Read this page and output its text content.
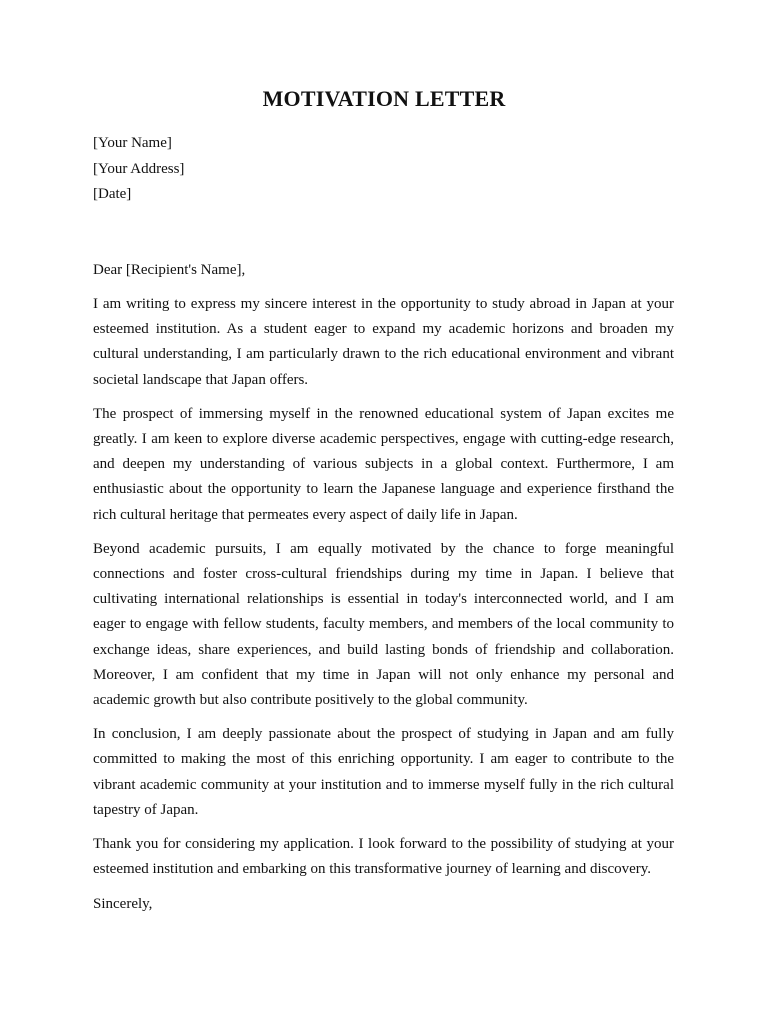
MOTIVATION LETTER

[Your Name]

[Your Address]

[Date]

Dear [Recipient's Name],

I am writing to express my sincere interest in the opportunity to study abroad in Japan at your esteemed institution. As a student eager to expand my academic horizons and broaden my cultural understanding, I am particularly drawn to the rich educational environment and vibrant societal landscape that Japan offers.

The prospect of immersing myself in the renowned educational system of Japan excites me greatly. I am keen to explore diverse academic perspectives, engage with cutting-edge research, and deepen my understanding of various subjects in a global context. Furthermore, I am enthusiastic about the opportunity to learn the Japanese language and experience firsthand the rich cultural heritage that permeates every aspect of daily life in Japan.

Beyond academic pursuits, I am equally motivated by the chance to forge meaningful connections and foster cross-cultural friendships during my time in Japan. I believe that cultivating international relationships is essential in today's interconnected world, and I am eager to engage with fellow students, faculty members, and members of the local community to exchange ideas, share experiences, and build lasting bonds of friendship and collaboration. Moreover, I am confident that my time in Japan will not only enhance my personal and academic growth but also contribute positively to the global community.

In conclusion, I am deeply passionate about the prospect of studying in Japan and am fully committed to making the most of this enriching opportunity. I am eager to contribute to the vibrant academic community at your institution and to immerse myself fully in the rich cultural tapestry of Japan.

Thank you for considering my application. I look forward to the possibility of studying at your esteemed institution and embarking on this transformative journey of learning and discovery.

Sincerely,
